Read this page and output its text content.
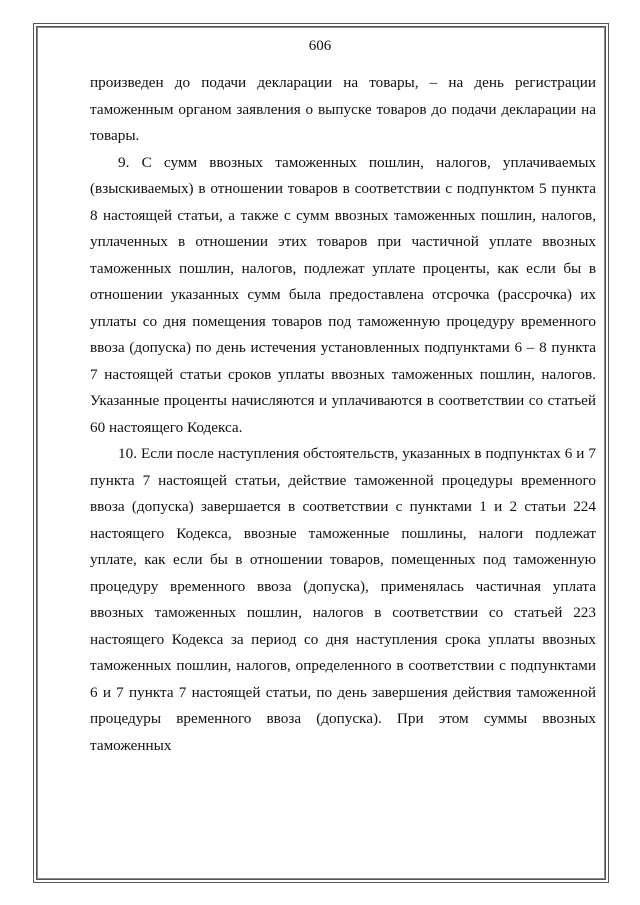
606

произведен до подачи декларации на товары, – на день регистрации таможенным органом заявления о выпуске товаров до подачи декларации на товары.

9. С сумм ввозных таможенных пошлин, налогов, уплачиваемых (взыскиваемых) в отношении товаров в соответствии с подпунктом 5 пункта 8 настоящей статьи, а также с сумм ввозных таможенных пошлин, налогов, уплаченных в отношении этих товаров при частичной уплате ввозных таможенных пошлин, налогов, подлежат уплате проценты, как если бы в отношении указанных сумм была предоставлена отсрочка (рассрочка) их уплаты со дня помещения товаров под таможенную процедуру временного ввоза (допуска) по день истечения установленных подпунктами 6 – 8 пункта 7 настоящей статьи сроков уплаты ввозных таможенных пошлин, налогов. Указанные проценты начисляются и уплачиваются в соответствии со статьей 60 настоящего Кодекса.

10. Если после наступления обстоятельств, указанных в подпунктах 6 и 7 пункта 7 настоящей статьи, действие таможенной процедуры временного ввоза (допуска) завершается в соответствии с пунктами 1 и 2 статьи 224 настоящего Кодекса, ввозные таможенные пошлины, налоги подлежат уплате, как если бы в отношении товаров, помещенных под таможенную процедуру временного ввоза (допуска), применялась частичная уплата ввозных таможенных пошлин, налогов в соответствии со статьей 223 настоящего Кодекса за период со дня наступления срока уплаты ввозных таможенных пошлин, налогов, определенного в соответствии с подпунктами 6 и 7 пункта 7 настоящей статьи, по день завершения действия таможенной процедуры временного ввоза (допуска). При этом суммы ввозных таможенных
